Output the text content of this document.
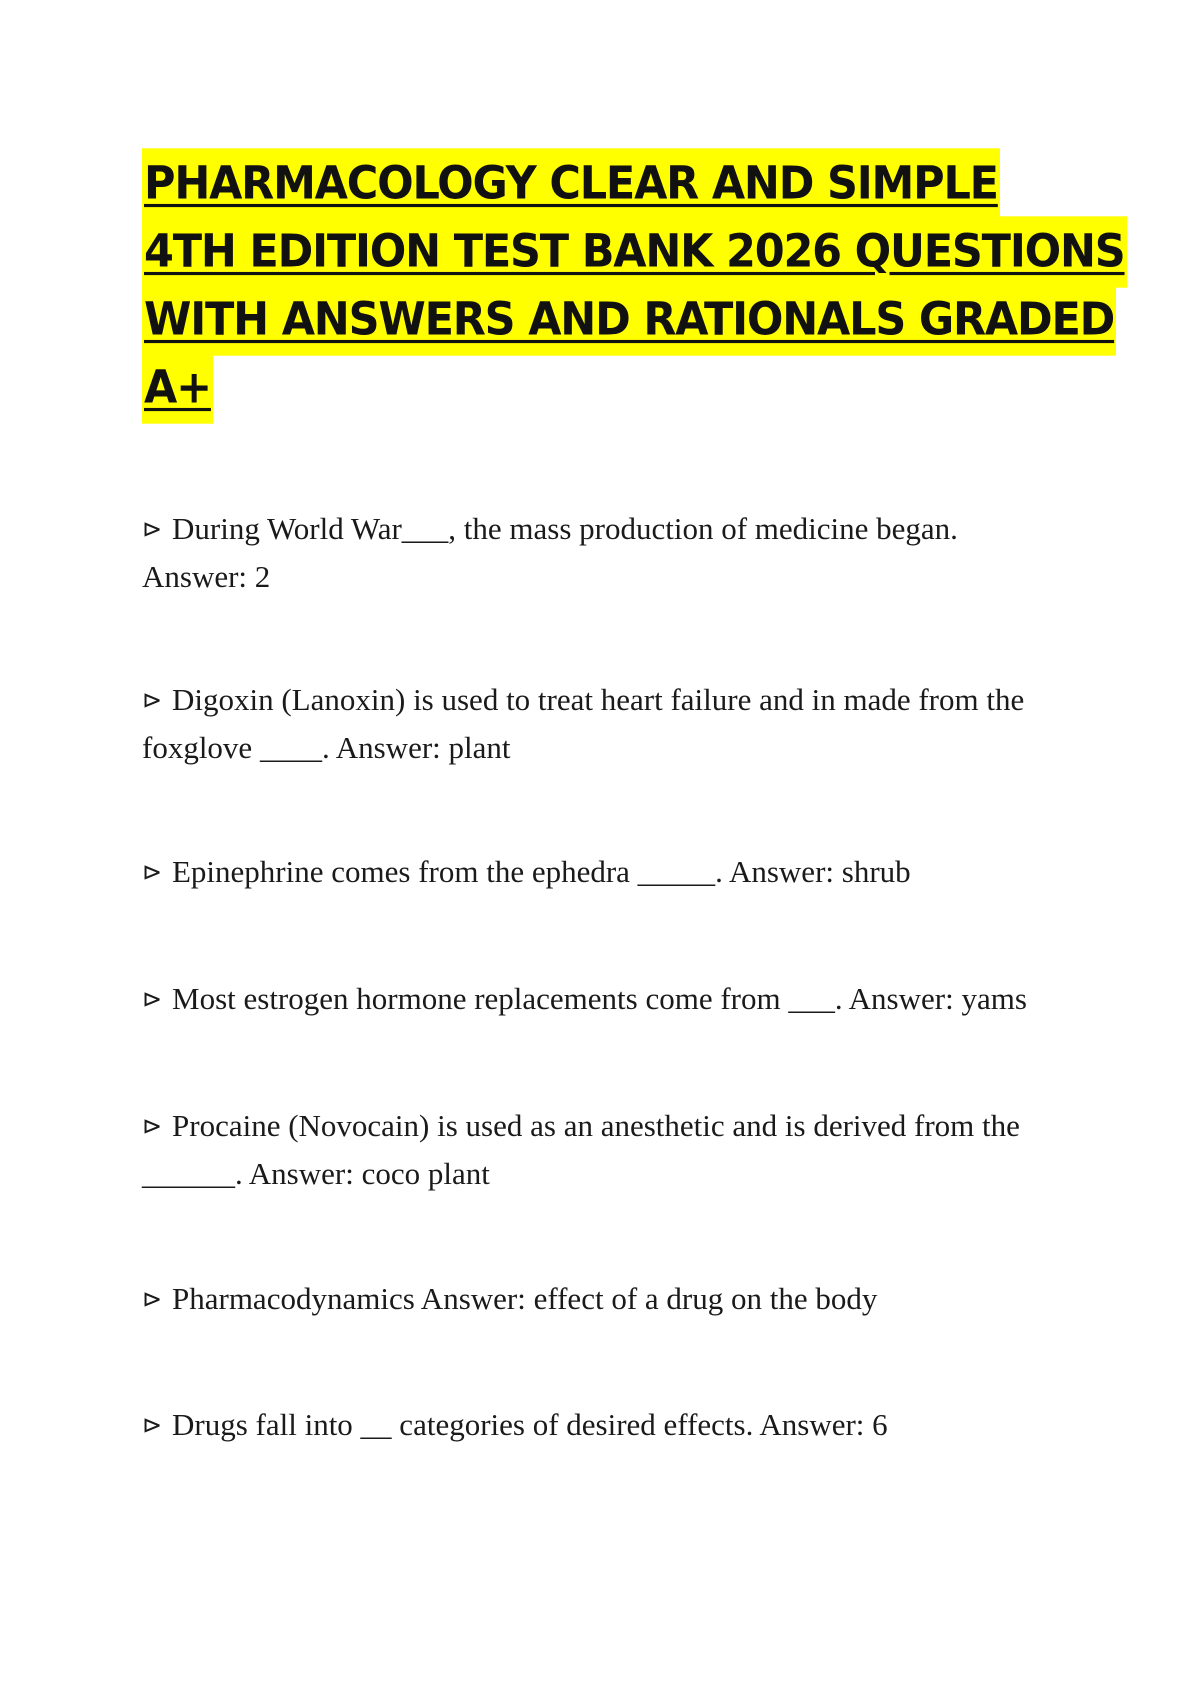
PHARMACOLOGY CLEAR AND SIMPLE
4TH EDITION TEST BANK 2026 QUESTIONS
WITH ANSWERS AND RATIONALS GRADED
A+
⊳ During World War___, the mass production of medicine began. Answer: 2
⊳ Digoxin (Lanoxin) is used to treat heart failure and in made from the foxglove ____. Answer: plant
⊳ Epinephrine comes from the ephedra _____. Answer: shrub
⊳ Most estrogen hormone replacements come from ___. Answer: yams
⊳ Procaine (Novocain) is used as an anesthetic and is derived from the ______. Answer: coco plant
⊳ Pharmacodynamics Answer: effect of a drug on the body
⊳ Drugs fall into __ categories of desired effects. Answer: 6
